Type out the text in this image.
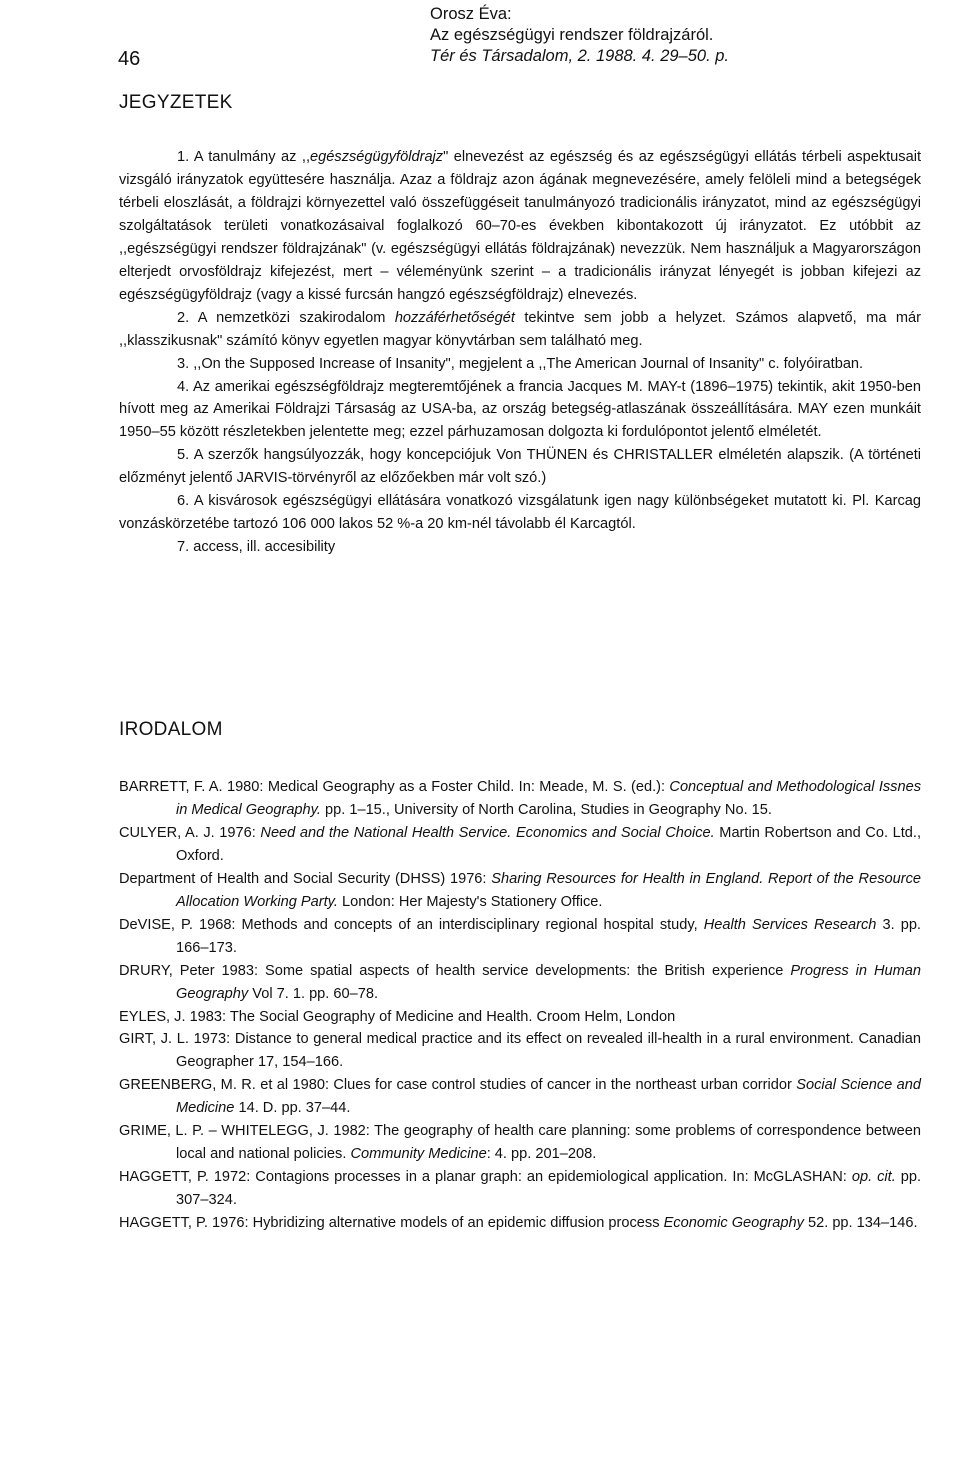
Orosz Éva:
Az egészségügyi rendszer földrajzáról.
Tér és Társadalom, 2. 1988. 4. 29–50. p.
46
JEGYZETEK

1. A tanulmány az ,,egészségügyföldrajz" elnevezést az egészség és az egészségügyi ellátás térbeli aspektusait vizsgáló irányzatok együttesére használja. Azaz a földrajz azon ágának megnevezésére, amely felöleli mind a betegségek térbeli eloszlását, a földrajzi környezettel való összefüggéseit tanulmányozó tradicionális irányzatot, mind az egészségügyi szolgáltatások területi vonatkozásaival foglalkozó 60–70-es években kibontakozott új irányzatot. Ez utóbbit az ,,egészségügyi rendszer földrajzának" (v. egészségügyi ellátás földrajzának) nevezzük. Nem használjuk a Magyarországon elterjedt orvosföldrajz kifejezést, mert – véleményünk szerint – a tradicionális irányzat lényegét is jobban kifejezi az egészségügyföldrajz (vagy a kissé furcsán hangzó egészségföldrajz) elnevezés.

2. A nemzetközi szakirodalom hozzáférhetőségét tekintve sem jobb a helyzet. Számos alapvető, ma már ,,klasszikusnak" számító könyv egyetlen magyar könyvtárban sem található meg.

3. ,,On the Supposed Increase of Insanity", megjelent a ,,The American Journal of Insanity" c. folyóiratban.

4. Az amerikai egészségföldrajz megteremtőjének a francia Jacques M. MAY-t (1896–1975) tekintik, akit 1950-ben hívott meg az Amerikai Földrajzi Társaság az USA-ba, az ország betegség-atlaszának összeállítására. MAY ezen munkáit 1950–55 között részletekben jelentette meg; ezzel párhuzamosan dolgozta ki fordulópontot jelentő elméletét.

5. A szerzők hangsúlyozzák, hogy koncepciójuk Von THÜNEN és CHRISTALLER elméletén alapszik. (A történeti előzményt jelentő JARVIS-törvényről az előzőekben már volt szó.)

6. A kisvárosok egészségügyi ellátására vonatkozó vizsgálatunk igen nagy különbségeket mutatott ki. Pl. Karcag vonzáskörzetébe tartozó 106 000 lakos 52 %-a 20 km-nél távolabb él Karcagtól.

7. access, ill. accesibility

IRODALOM

BARRETT, F. A. 1980: Medical Geography as a Foster Child. In: Meade, M. S. (ed.): Conceptual and Methodological Issnes in Medical Geography. pp. 1–15., University of North Carolina, Studies in Geography No. 15.

CULYER, A. J. 1976: Need and the National Health Service. Economics and Social Choice. Martin Robertson and Co. Ltd., Oxford.

Department of Health and Social Security (DHSS) 1976: Sharing Resources for Health in England. Report of the Resource Allocation Working Party. London: Her Majesty's Stationery Office.

DeVISE, P. 1968: Methods and concepts of an interdisciplinary regional hospital study, Health Services Research 3. pp. 166–173.

DRURY, Peter 1983: Some spatial aspects of health service developments: the British experience Progress in Human Geography Vol 7. 1. pp. 60–78.

EYLES, J. 1983: The Social Geography of Medicine and Health. Croom Helm, London

GIRT, J. L. 1973: Distance to general medical practice and its effect on revealed ill-health in a rural environment. Canadian Geographer 17, 154–166.

GREENBERG, M. R. et al 1980: Clues for case control studies of cancer in the northeast urban corridor Social Science and Medicine 14. D. pp. 37–44.

GRIME, L. P. – WHITELEGG, J. 1982: The geography of health care planning: some problems of correspondence between local and national policies. Community Medicine: 4. pp. 201–208.

HAGGETT, P. 1972: Contagions processes in a planar graph: an epidemiological application. In: McGLASHAN: op. cit. pp. 307–324.

HAGGETT, P. 1976: Hybridizing alternative models of an epidemic diffusion process Economic Geography 52. pp. 134–146.
